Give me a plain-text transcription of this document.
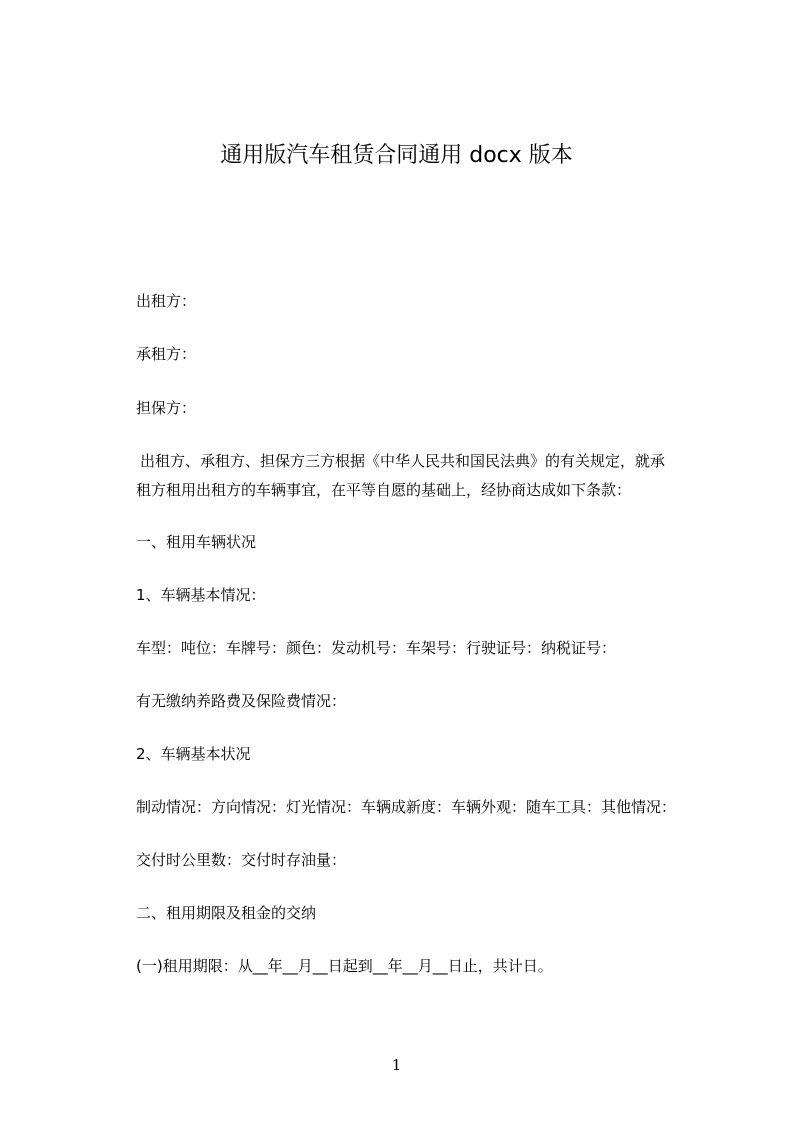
通用版汽车租赁合同通用 docx 版本
出租方：
承租方：
担保方：
出租方、承租方、担保方三方根据《中华人民共和国民法典》的有关规定，就承
租方租用出租方的车辆事宜，在平等自愿的基础上，经协商达成如下条款：
一、租用车辆状况
1、车辆基本情况：
车型：吨位：车牌号：颜色：发动机号：车架号：行驶证号：纳税证号：
有无缴纳养路费及保险费情况：
2、车辆基本状况
制动情况：方向情况：灯光情况：车辆成新度：车辆外观：随车工具：其他情况：
交付时公里数：交付时存油量：
二、租用期限及租金的交纳
(一)租用期限：从__年__月__日起到__年__月__日止，共计日。
1
